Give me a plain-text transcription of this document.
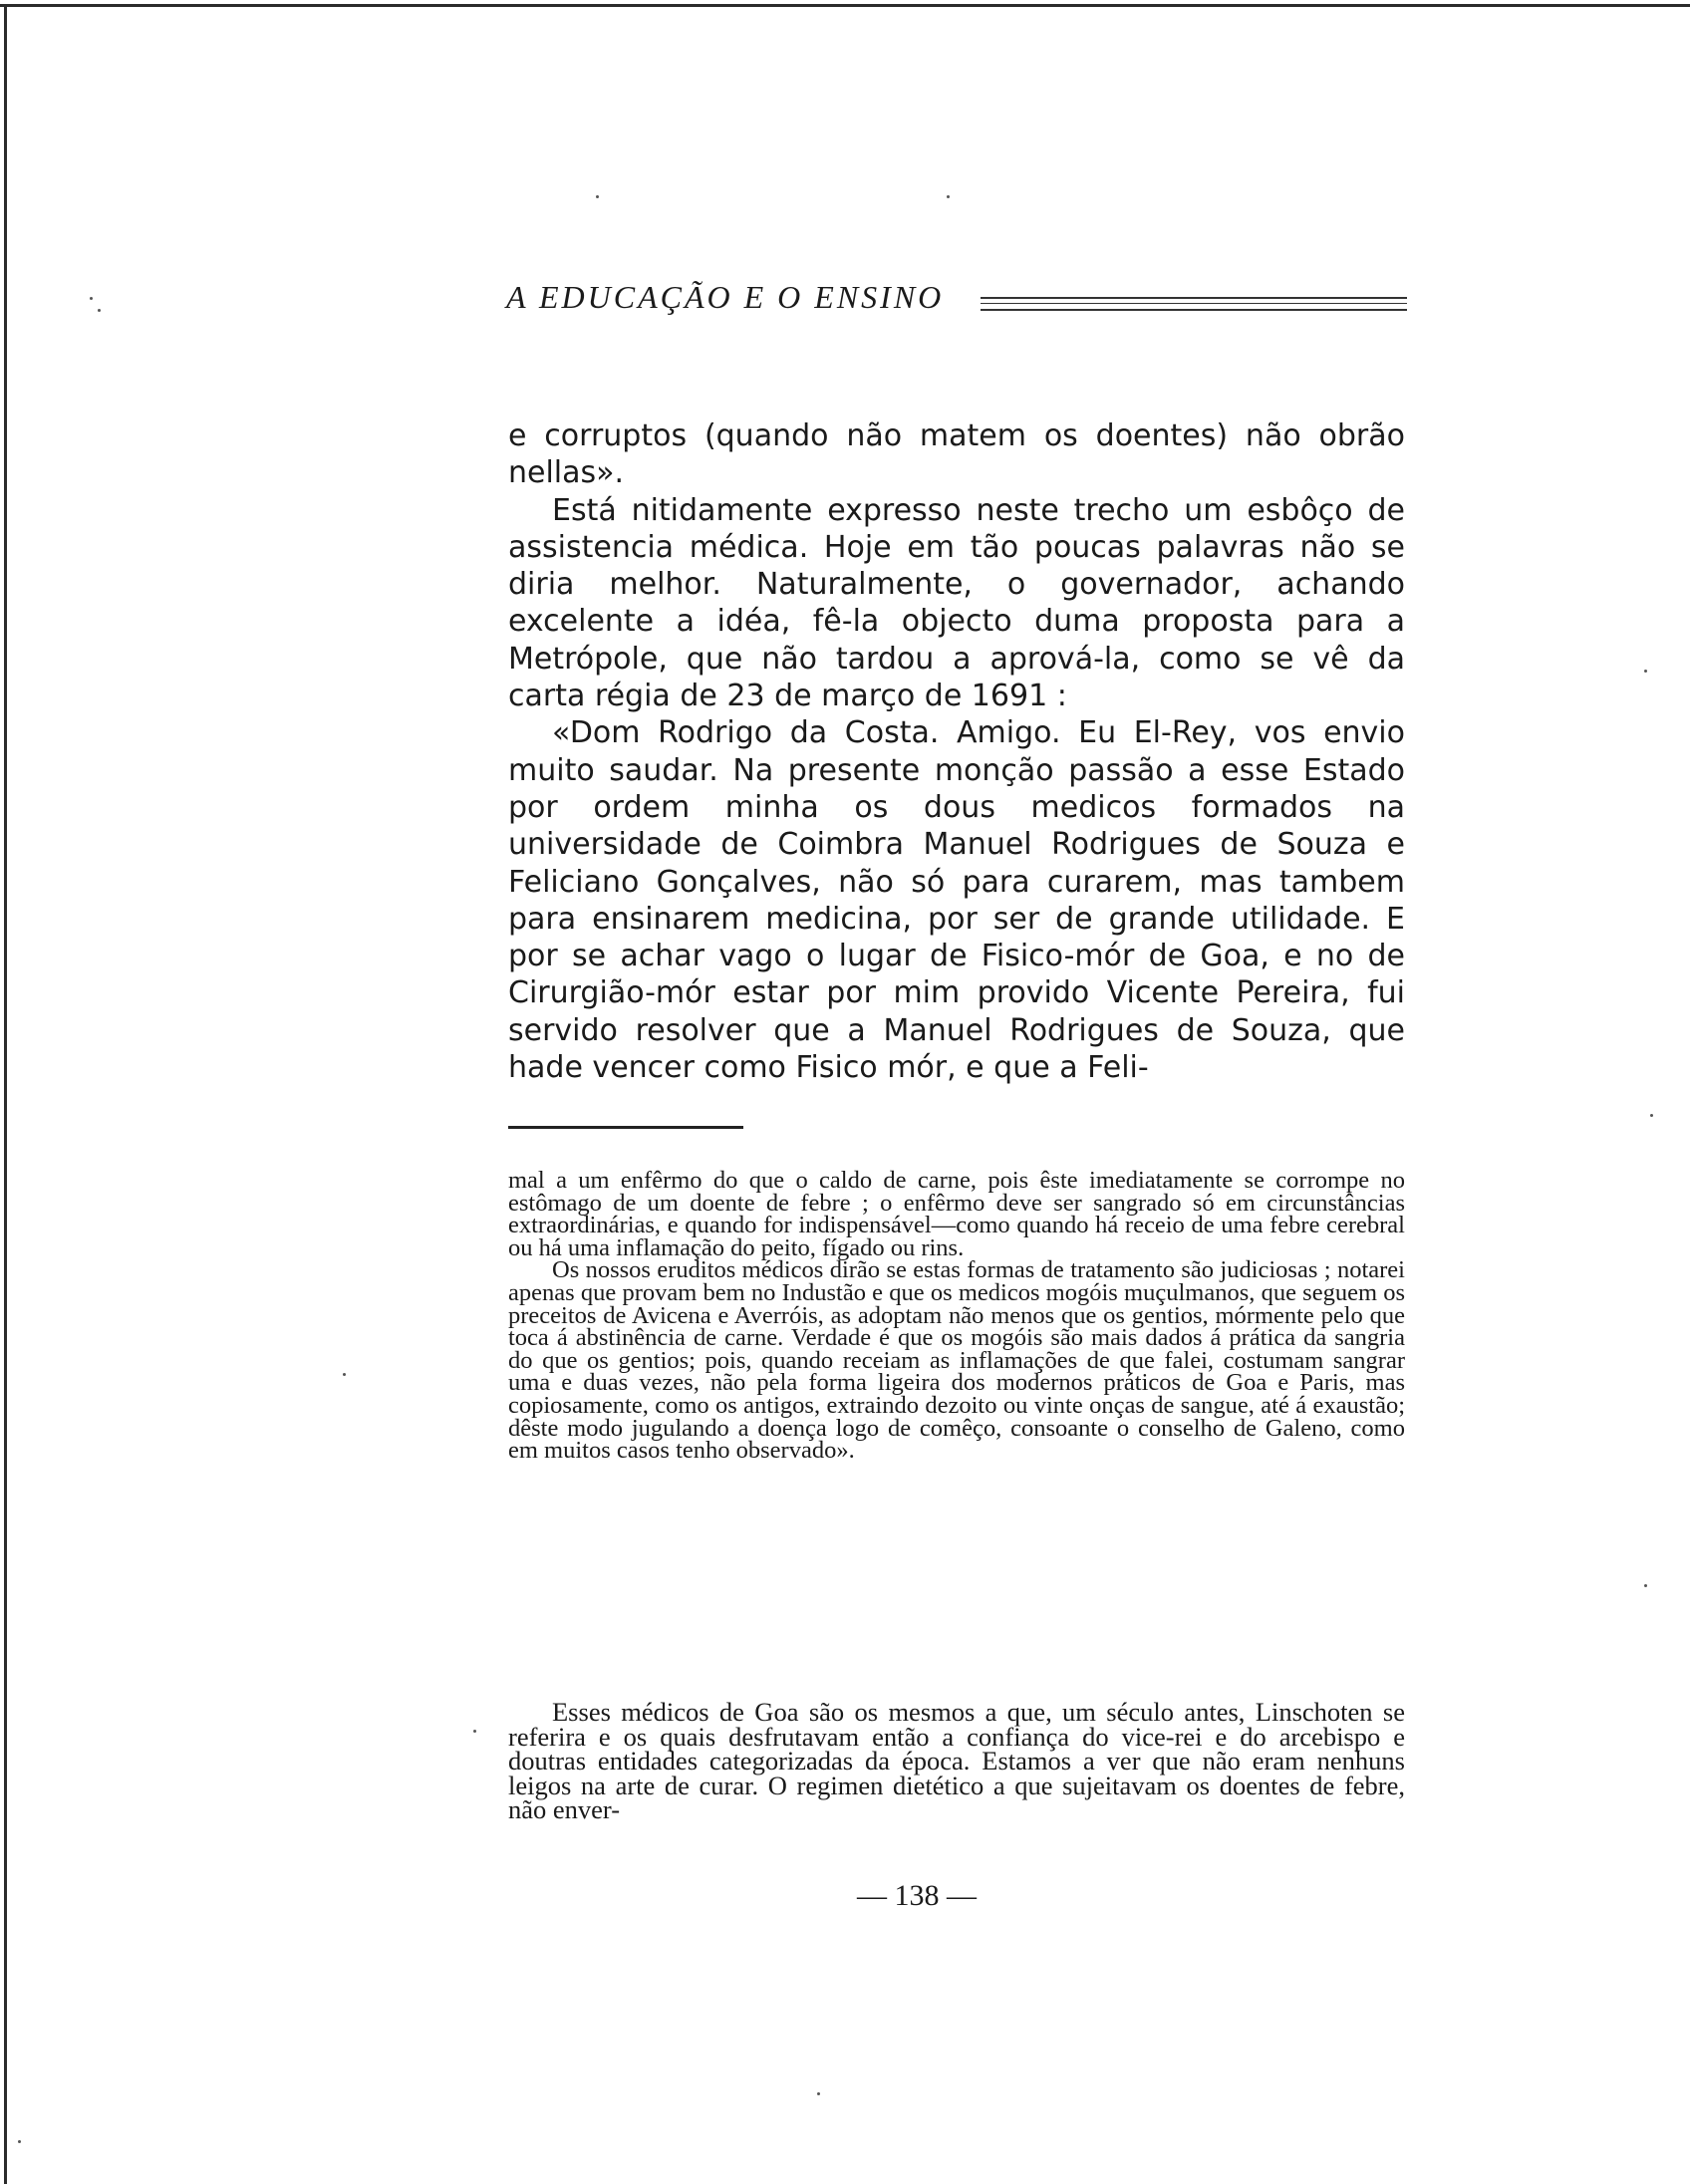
A EDUCAÇÃO E O ENSINO

e corruptos (quando não matem os doentes) não obrão nellas».

Está nitidamente expresso neste trecho um esbôço de assistencia médica. Hoje em tão poucas palavras não se diria melhor. Naturalmente, o governador, achando excelente a idéa, fê-la objecto duma proposta para a Metrópole, que não tardou a aprová-la, como se vê da carta régia de 23 de março de 1691 :

«Dom Rodrigo da Costa. Amigo. Eu El-Rey, vos envio muito saudar. Na presente monção passão a esse Estado por ordem minha os dous medicos formados na universidade de Coimbra Manuel Rodrigues de Souza e Feliciano Gonçalves, não só para curarem, mas tambem para ensinarem medicina, por ser de grande utilidade. E por se achar vago o lugar de Fisico-mór de Goa, e no de Cirurgião-mór estar por mim provido Vicente Pereira, fui servido resolver que a Manuel Rodrigues de Souza, que hade vencer como Fisico mór, e que a Feli-

mal a um enfêrmo do que o caldo de carne, pois êste imediatamente se corrompe no estômago de um doente de febre ; o enfêrmo deve ser sangrado só em circunstâncias extraordinárias, e quando for indispensável—como quando há receio de uma febre cerebral ou há uma inflamação do peito, fígado ou rins.

Os nossos eruditos médicos dirão se estas formas de tratamento são judiciosas ; notarei apenas que provam bem no Industão e que os medicos mogóis muçulmanos, que seguem os preceitos de Avicena e Averróis, as adoptam não menos que os gentios, mórmente pelo que toca á abstinência de carne. Verdade é que os mogóis são mais dados á prática da sangria do que os gentios; pois, quando receiam as inflamações de que falei, costumam sangrar uma e duas vezes, não pela forma ligeira dos modernos práticos de Goa e Paris, mas copiosamente, como os antigos, extraindo dezoito ou vinte onças de sangue, até á exaustão; dêste modo jugulando a doença logo de comêço, consoante o conselho de Galeno, como em muitos casos tenho observado».

Esses médicos de Goa são os mesmos a que, um século antes, Linschoten se referira e os quais desfrutavam então a confiança do vice-rei e do arcebispo e doutras entidades categorizadas da época. Estamos a ver que não eram nenhuns leigos na arte de curar. O regimen dietético a que sujeitavam os doentes de febre, não enver-

— 138 —
